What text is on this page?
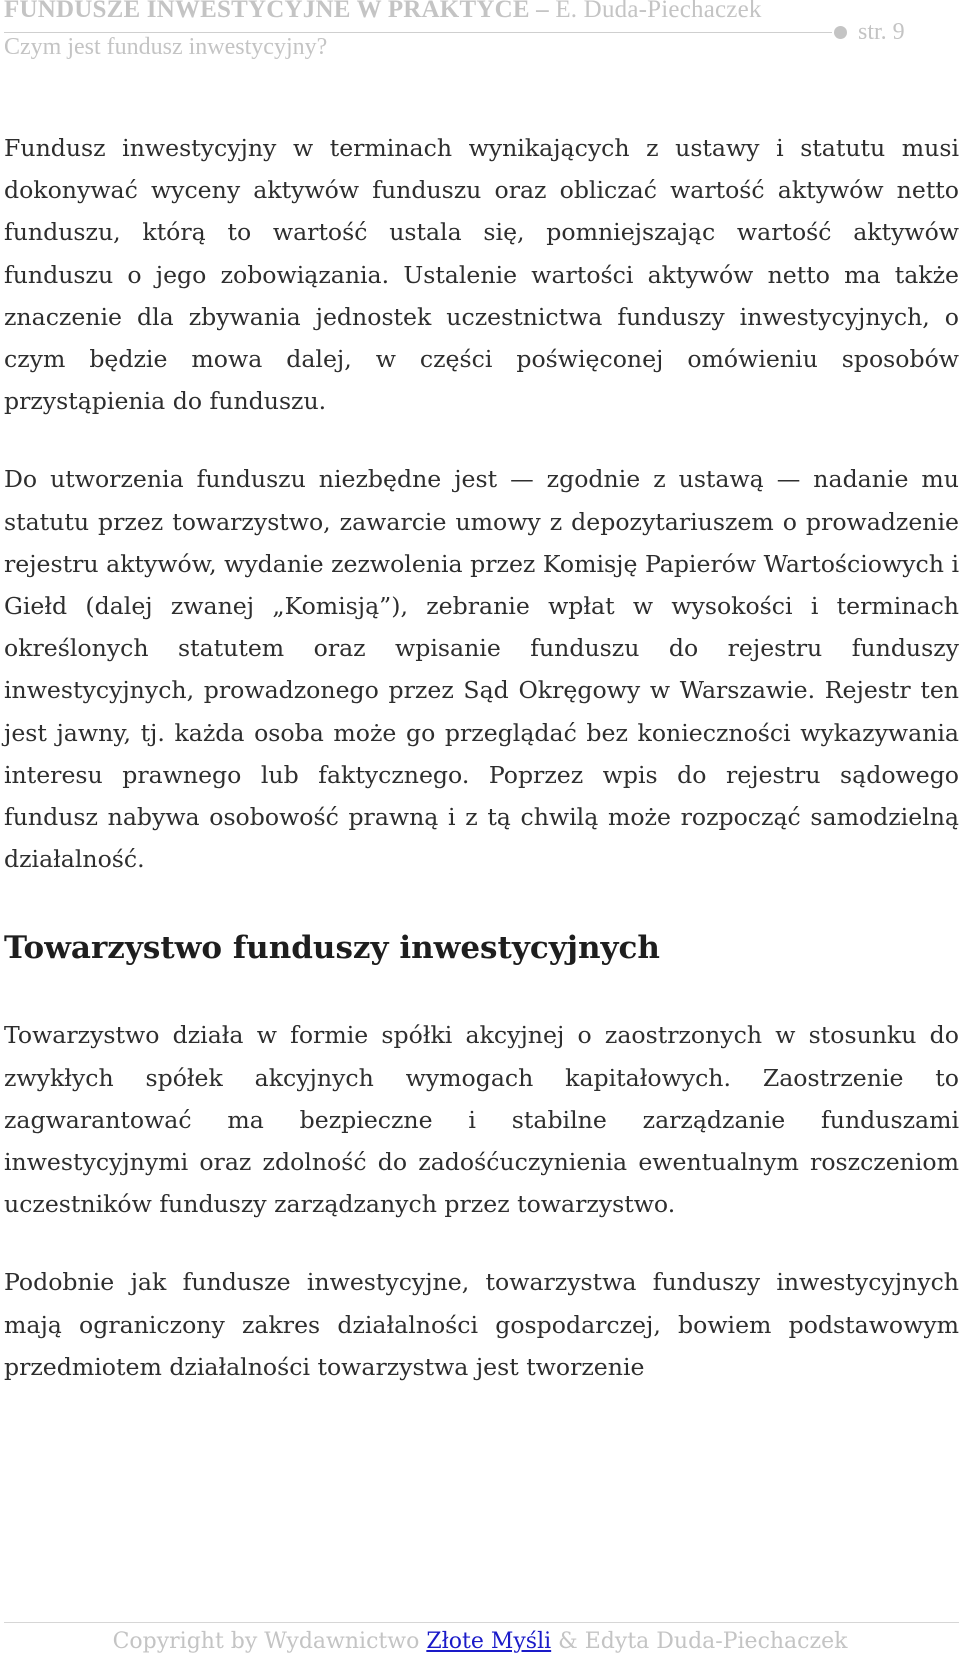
FUNDUSZE INWESTYCYJNE W PRAKTYCE – E. Duda-Piechaczek
Czym jest fundusz inwestycyjny?
str. 9

Fundusz inwestycyjny w terminach wynikających z ustawy i statutu musi dokonywać wyceny aktywów funduszu oraz obliczać wartość aktywów netto funduszu, którą to wartość ustala się, pomniejszając wartość aktywów funduszu o jego zobowiązania. Ustalenie wartości aktywów netto ma także znaczenie dla zbywania jednostek uczestnictwa funduszy inwestycyjnych, o czym będzie mowa dalej, w części poświęconej omówieniu sposobów przystąpienia do funduszu.

Do utworzenia funduszu niezbędne jest — zgodnie z ustawą — nadanie mu statutu przez towarzystwo, zawarcie umowy z depozytariuszem o prowadzenie rejestru aktywów, wydanie zezwolenia przez Komisję Papierów Wartościowych i Giełd (dalej zwanej „Komisją”), zebranie wpłat w wysokości i terminach określonych statutem oraz wpisanie funduszu do rejestru funduszy inwestycyjnych, prowadzonego przez Sąd Okręgowy w Warszawie. Rejestr ten jest jawny, tj. każda osoba może go przeglądać bez konieczności wykazywania interesu prawnego lub faktycznego. Poprzez wpis do rejestru sądowego fundusz nabywa osobowość prawną i z tą chwilą może rozpocząć samodzielną działalność.

Towarzystwo funduszy inwestycyjnych

Towarzystwo działa w formie spółki akcyjnej o zaostrzonych w stosunku do zwykłych spółek akcyjnych wymogach kapitałowych. Zaostrzenie to zagwarantować ma bezpieczne i stabilne zarządzanie funduszami inwestycyjnymi oraz zdolność do zadośćuczynienia ewentualnym roszczeniom uczestników funduszy zarządzanych przez towarzystwo.

Podobnie jak fundusze inwestycyjne, towarzystwa funduszy inwestycyjnych mają ograniczony zakres działalności gospodarczej, bowiem podstawowym przedmiotem działalności towarzystwa jest tworzenie

Copyright by Wydawnictwo Złote Myśli & Edyta Duda-Piechaczek
